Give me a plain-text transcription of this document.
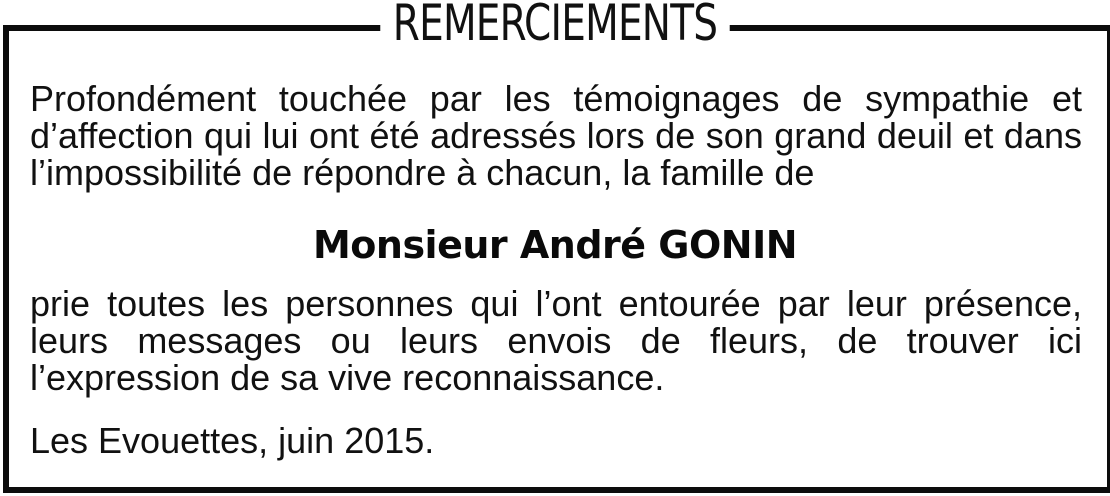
REMERCIEMENTS

Profondément touchée par les témoignages de sympathie et d’affection qui lui ont été adressés lors de son grand deuil et dans l’impossibilité de répondre à chacun, la famille de

Monsieur André GONIN

prie toutes les personnes qui l’ont entourée par leur présence, leurs messages ou leurs envois de fleurs, de trouver ici l’expression de sa vive reconnaissance.

Les Evouettes, juin 2015.
